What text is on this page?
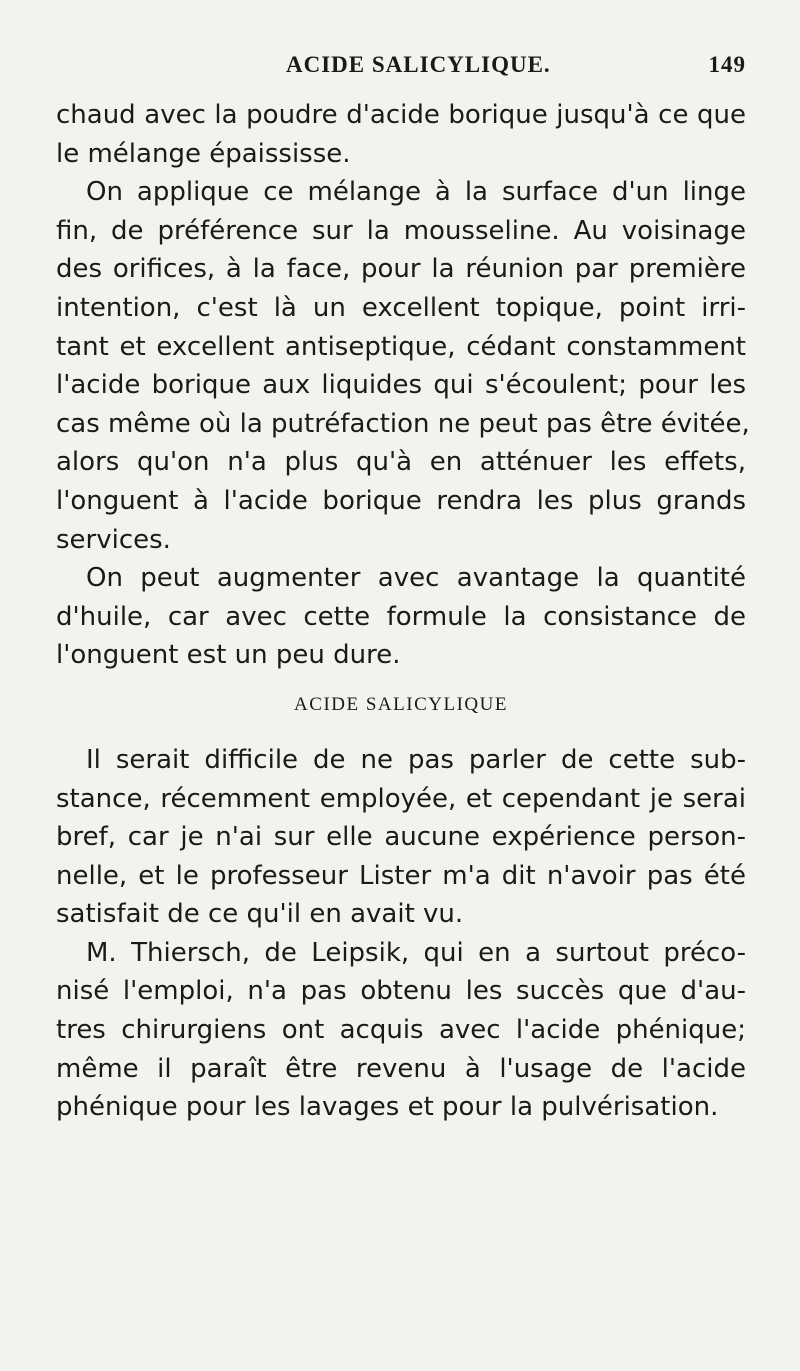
ACIDE SALICYLIQUE.	149

chaud avec la poudre d'acide borique jusqu'à ce que
le mélange épaississe.

On applique ce mélange à la surface d'un linge
fin, de préférence sur la mousseline. Au voisinage
des orifices, à la face, pour la réunion par première
intention, c'est là un excellent topique, point irri-
tant et excellent antiseptique, cédant constamment
l'acide borique aux liquides qui s'écoulent; pour les
cas même où la putréfaction ne peut pas être évitée,
alors qu'on n'a plus qu'à en atténuer les effets,
l'onguent à l'acide borique rendra les plus grands
services.

On peut augmenter avec avantage la quantité
d'huile, car avec cette formule la consistance de
l'onguent est un peu dure.

ACIDE SALICYLIQUE

Il serait difficile de ne pas parler de cette sub-
stance, récemment employée, et cependant je serai
bref, car je n'ai sur elle aucune expérience person-
nelle, et le professeur Lister m'a dit n'avoir pas été
satisfait de ce qu'il en avait vu.

M. Thiersch, de Leipsik, qui en a surtout préco-
nisé l'emploi, n'a pas obtenu les succès que d'au-
tres chirurgiens ont acquis avec l'acide phénique;
même il paraît être revenu à l'usage de l'acide
phénique pour les lavages et pour la pulvérisation.
